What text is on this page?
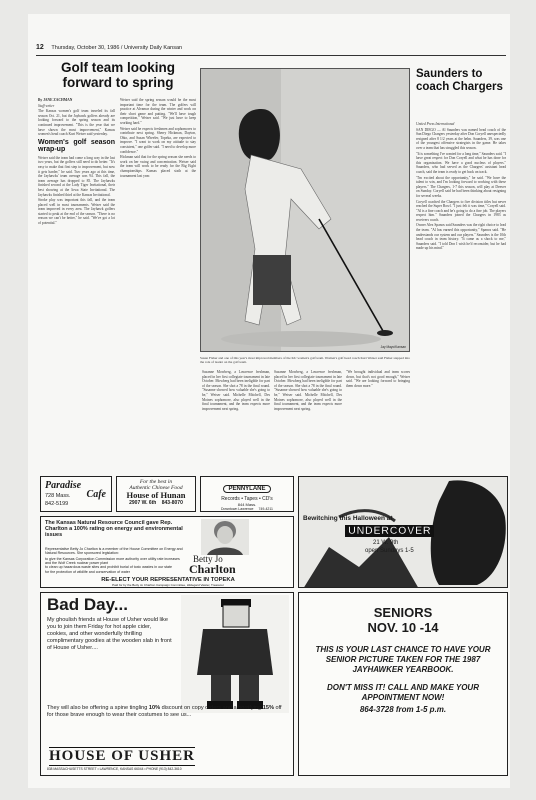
12 Thursday, October 30, 1986 / University Daily Kansan
Golf team looking forward to spring

By JANE ZACHMAN

Staff writer

The Kansas women's golf team traveled its fall season Oct. 21, but the Jayhawk golfers already are looking forward to the spring season and its continued improvement. "This is the year that we have shown the most improvement," Kansas women's head coach Kurt Weiser said yesterday.

Women's golf season wrap-up

Weiser said the team had come a long way in the last two years, but the golfers still need to do better. "It's easy to make that first step to improvement, but now it gets harder," he said. Two years ago at this time, the Jayhawks' team average was 94. This fall, the team average has dropped to 85. The Jayhawks finished second at the Lady Tiger Invitational, their best showing at the Iowa State Invitational. The Jayhawks finished third at the Kansas Invitational.

Stroke play was important this fall, and the team placed well in most tournaments. Weiser said the team improved in every area. The Jayhawk golfers started to peak at the end of the season. "There is no reason we can't be better," he said. "We've got a lot of potential."

Weiser said the spring season would be the most important time for the team. The golfers will practice at Alvamar during the winter and work on their short game and putting. "We'll have tough competition," Weiser said. "We just have to keep working hard."

Weiser said he expects freshmen and sophomores to contribute next spring. Sherry Hickman, Dayton, Ohio, and Susan Wheeler, Topeka, are expected to improve. "I want to work on my attitude to stay consistent," one golfer said. "I need to develop more confidence."

Hickman said that for the spring season she needs to work on her swing and concentration. Weiser said the team will work to be ready for the Big Eight championships. Kansas placed sixth at the tournament last year.

Jay Mayo/Kansan
Susan Fisher and one of this year's most improved members of the KU women's golf team. Women's golf head coach Kurt Weiser said Fisher stepped into the role of leader on the golf team.

Susanne Mowberg, a Lawrence freshman, placed in her first collegiate tournament in late October. Mowberg had been ineligible for part of the season. She shot a 78 in the final round. "Susanne showed how valuable she's going to be," Weiser said. Michelle Mitchell, Des Moines sophomore, also played well in the final tournament, and the team expects more improvement next spring.

Susanne Mowberg, a Lawrence freshman, placed in her first collegiate tournament in late October. Mowberg had been ineligible for part of the season. She shot a 78 in the final round. "Susanne showed how valuable she's going to be," Weiser said. Michelle Mitchell, Des Moines sophomore, also played well in the final tournament, and the team expects more improvement next spring.

"We brought individual and team scores down, but that's not good enough," Weiser said. "We are looking forward to bringing them down more."

Saunders to coach Chargers

United Press International

SAN DIEGO — Al Saunders was named head coach of the San Diego Chargers yesterday after Don Coryell unexpectedly resigned after 8 1/2 years at the helm. Saunders, 39, was one of the youngest offensive strategists in the game. He takes over a team that has struggled this season.

"It is something I've wanted for a long time," Saunders said. "I have great respect for Don Coryell and what he has done for this organization. We have a good nucleus of players." Saunders, who had served as the Chargers' assistant head coach, said the team is ready to get back on track.

"I'm excited about the opportunity," he said. "We have the talent to win, and I'm looking forward to working with these players." The Chargers, 1-7 this season, will play at Denver on Sunday. Coryell said he had been thinking about resigning for several weeks.

Coryell coached the Chargers to five division titles but never reached the Super Bowl. "I just felt it was time," Coryell said. "Al is a fine coach and he's going to do a fine job. The players respect him." Saunders joined the Chargers in 1983 as receivers coach.

Owner Alex Spanos said Saunders was the right choice to lead the team. "Al has earned this opportunity," Spanos said. "He understands our system and our players." Saunders is the 10th head coach in team history. "It came as a shock to me," Saunders said. "I told Don I wish he'd reconsider, but he had made up his mind."

Paradise
Cafe
728 Mass.
842-5199
For the best in
Authentic Chinese Food
House of Hunan
2907 W. 6th 843-8070
PENNYLANE
Records • Tapes • CD's
844 Mass.
Downtown Lawrence 749-4211
Bewitching this Halloween at
UNDERCOVER
21 W. 9th
open Sundays 1-5
The Kansas Natural Resource Council gave Rep. Charlton a 100% rating on energy and environmental issues
Representative Betty Jo Charlton is a member of the House Committee on Energy and Natural Resources. She sponsored legislation:
to give the Kansas Corporation Commission more authority over utility rate increases and the Wolf Creek nuclear power plant
to clean up hazardous waste sites and prohibit burial of toxic wastes in our state
for the protection of wildlife and conservation of water
Betty Jo
Charlton
RE-ELECT YOUR REPRESENTATIVE IN TOPEKA
Paid for by the Betty Jo Charlton Campaign Committee, Hildegard Vawter, Treasurer
Bad Day...
My ghoulish friends at House of Usher would like you to join them Friday for hot apple cider, cookies, and other wonderfully thrilling complimentary goodies at the wooden slab in front of House of Usher....
They will also be offering a spine tingling 10% discount on copy orders and a horrifying 15% off for those brave enough to wear their costumes to see us...
HOUSE OF USHER
838 MASSACHUSETTS STREET • LAWRENCE, KANSAS 66044 • PHONE (913) 842-3610
SENIORS
NOV. 10 -14
THIS IS YOUR LAST CHANCE TO HAVE YOUR SENIOR PICTURE TAKEN FOR THE 1987 JAYHAWKER YEARBOOK.
DON'T MISS IT! CALL AND MAKE YOUR APPOINTMENT NOW!
864-3728 from 1-5 p.m.
